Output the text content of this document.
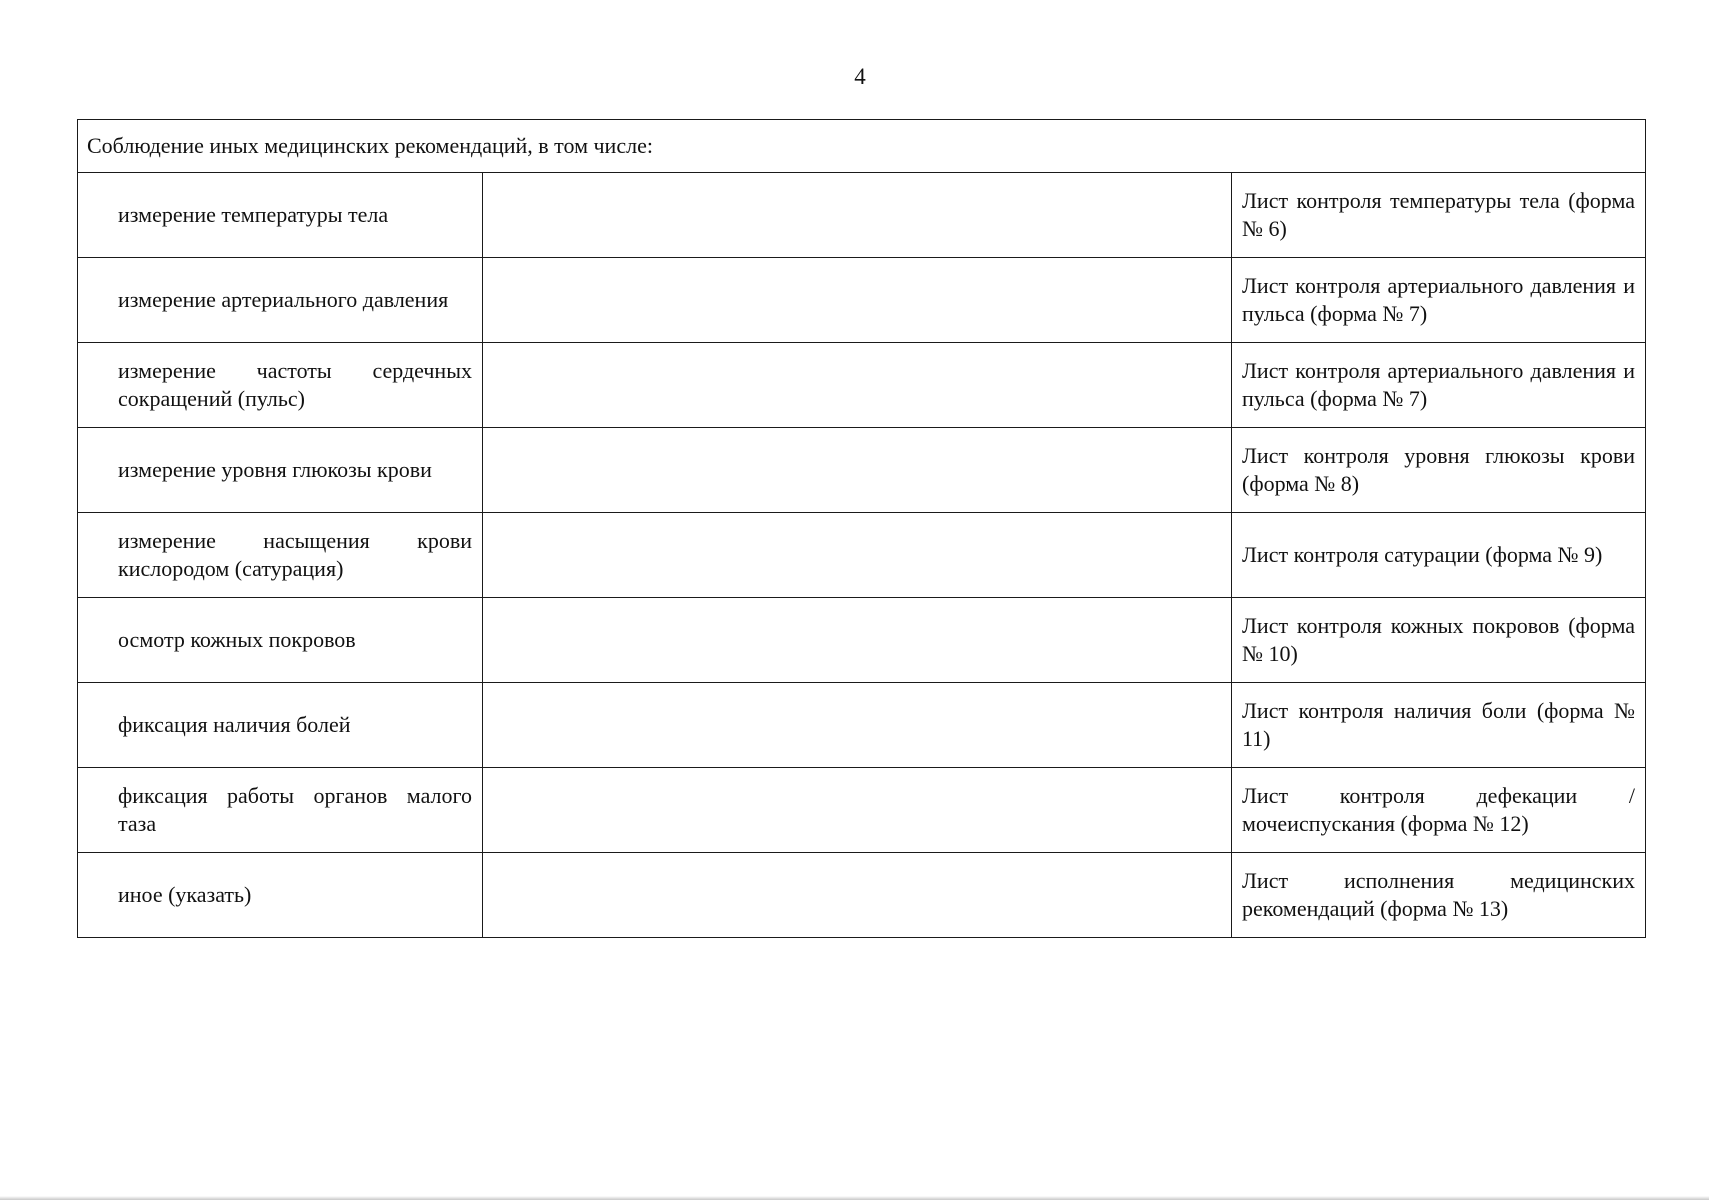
4
Соблюдение иных медицинских рекомендаций, в том числе:		
измерение температуры тела		Лист контроля температуры тела (форма № 6)
измерение артериального давления		Лист контроля артериального давления и пульса (форма № 7)
измерение частоты сердечных сокращений (пульс)		Лист контроля артериального давления и пульса (форма № 7)
измерение уровня глюкозы крови		Лист контроля уровня глюкозы крови (форма № 8)
измерение насыщения крови кислородом (сатурация)		Лист контроля сатурации (форма № 9)
осмотр кожных покровов		Лист контроля кожных покровов (форма № 10)
фиксация наличия болей		Лист контроля наличия боли (форма № 11)
фиксация работы органов малого таза		Лист контроля дефекации /мочеиспускания (форма № 12)
иное (указать)		Лист исполнения медицинских рекомендаций (форма № 13)
